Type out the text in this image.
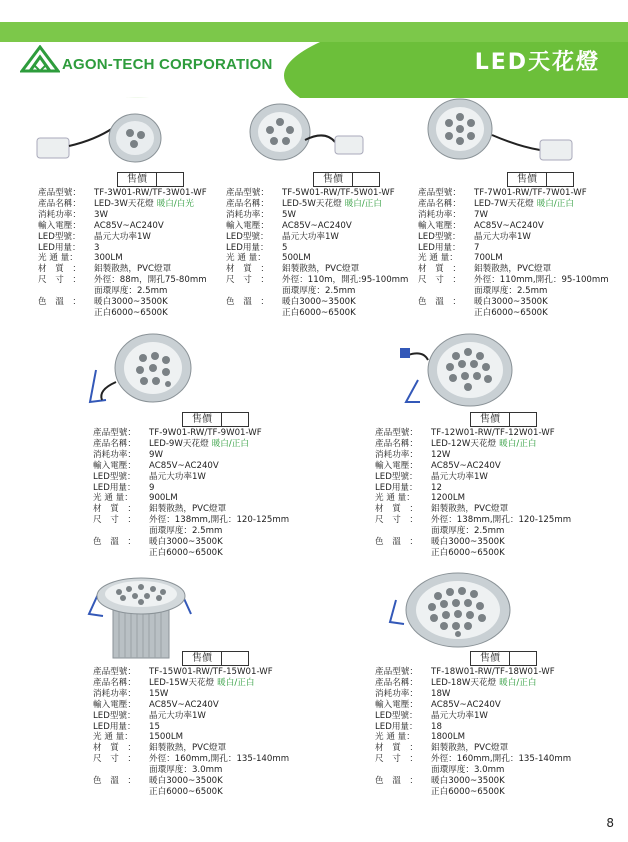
AGON-TECH CORPORATION	LED天花燈
售價	售價	售價
售價	售價
售價	售價
產品型號：	TF-3W01-RW/TF-3W01-WF
產品名稱：	LED-3W天花燈 暖白/白光
消耗功率：	3W
輸入電壓：	AC85V~AC240V
LED型號：	晶元大功率1W
LED用量：	3
光 通 量：	300LM
材　質　：	鋁製散熱，PVC燈罩
尺　寸　：	外徑：88m，開孔75-80mm
面環厚度：2.5mm
色　溫　：	暖白3000~3500K
正白6000~6500K
產品型號：	TF-5W01-RW/TF-5W01-WF
產品名稱：	LED-5W天花燈 暖白/正白
消耗功率：	5W
輸入電壓：	AC85V~AC240V
LED型號：	晶元大功率1W
LED用量：	5
光 通 量：	500LM
材　質　：	鋁製散熱，PVC燈罩
尺　寸　：	外徑：110m，開孔:95-100mm
面環厚度：2.5mm
色　溫　：	暖白3000~3500K
正白6000~6500K
產品型號：	TF-7W01-RW/TF-7W01-WF
產品名稱：	LED-7W天花燈 暖白/正白
消耗功率：	7W
輸入電壓：	AC85V~AC240V
LED型號：	晶元大功率1W
LED用量：	7
光 通 量：	700LM
材　質　：	鋁製散熱，PVC燈罩
尺　寸　：	外徑：110mm,開孔：95-100mm
面環厚度：2.5mm
色　溫　：	暖白3000~3500K
正白6000~6500K
產品型號：	TF-9W01-RW/TF-9W01-WF
產品名稱：	LED-9W天花燈 暖白/正白
消耗功率：	9W
輸入電壓：	AC85V~AC240V
LED型號：	晶元大功率1W
LED用量：	9
光 通 量：	900LM
材　質　：	鋁製散熱，PVC燈罩
尺　寸　：	外徑：138mm,開孔：120-125mm
面環厚度：2.5mm
色　溫　：	暖白3000~3500K
正白6000~6500K
產品型號：	TF-12W01-RW/TF-12W01-WF
產品名稱：	LED-12W天花燈 暖白/正白
消耗功率：	12W
輸入電壓：	AC85V~AC240V
LED型號：	晶元大功率1W
LED用量：	12
光 通 量：	1200LM
材　質　：	鋁製散熱，PVC燈罩
尺　寸　：	外徑：138mm,開孔：120-125mm
面環厚度：2.5mm
色　溫　：	暖白3000~3500K
正白6000~6500K
產品型號：	TF-15W01-RW/TF-15W01-WF
產品名稱：	LED-15W天花燈 暖白/正白
消耗功率：	15W
輸入電壓：	AC85V~AC240V
LED型號：	晶元大功率1W
LED用量：	15
光 通 量：	1500LM
材　質　：	鋁製散熱，PVC燈罩
尺　寸　：	外徑：160mm,開孔：135-140mm
面環厚度：3.0mm
色　溫　：	暖白3000~3500K
正白6000~6500K
產品型號：	TF-18W01-RW/TF-18W01-WF
產品名稱：	LED-18W天花燈 暖白/正白
消耗功率：	18W
輸入電壓：	AC85V~AC240V
LED型號：	晶元大功率1W
LED用量：	18
光 通 量：	1800LM
材　質　：	鋁製散熱，PVC燈罩
尺　寸　：	外徑：160mm,開孔：135-140mm
面環厚度：3.0mm
色　溫　：	暖白3000~3500K
正白6000~6500K
8
